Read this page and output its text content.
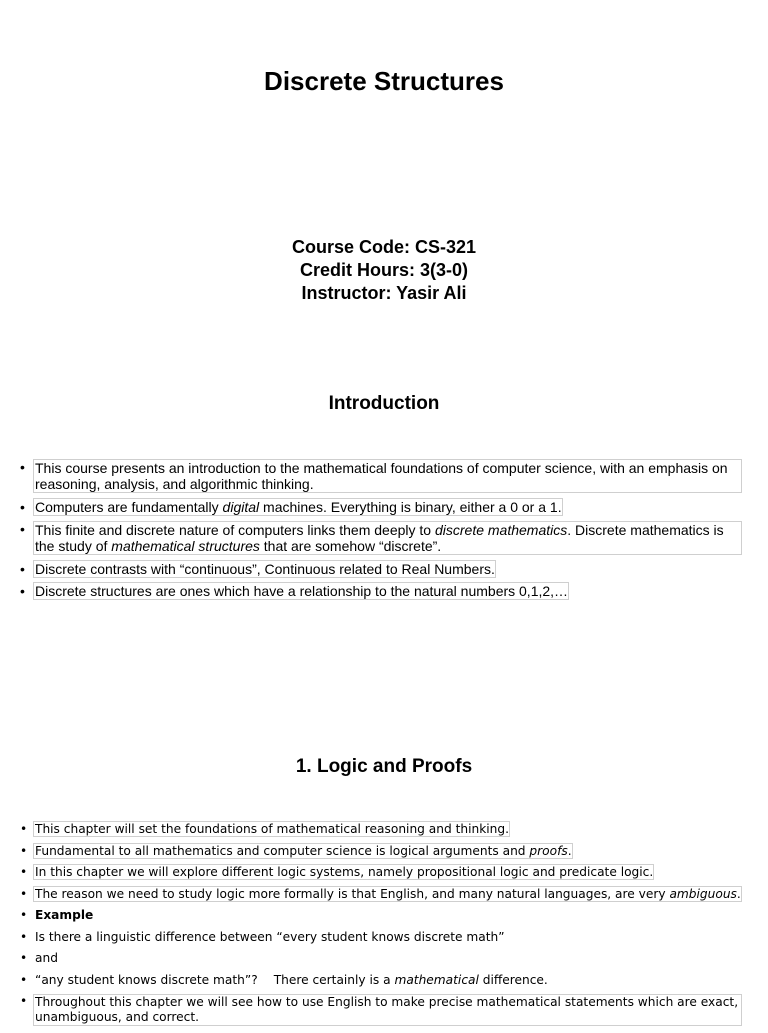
Discrete Structures
Course Code: CS-321
Credit Hours: 3(3-0)
Instructor: Yasir Ali
Introduction
• This course presents an introduction to the mathematical foundations of computer science, with an emphasis on reasoning, analysis, and algorithmic thinking.
• Computers are fundamentally digital machines. Everything is binary, either a 0 or a 1.
• This finite and discrete nature of computers links them deeply to discrete mathematics. Discrete mathematics is the study of mathematical structures that are somehow “discrete”.
• Discrete contrasts with “continuous”, Continuous related to Real Numbers.
• Discrete structures are ones which have a relationship to the natural numbers 0,1,2,…
1. Logic and Proofs
• This chapter will set the foundations of mathematical reasoning and thinking.
• Fundamental to all mathematics and computer science is logical arguments and proofs.
• In this chapter we will explore different logic systems, namely propositional logic and predicate logic.
• The reason we need to study logic more formally is that English, and many natural languages, are very ambiguous.
• Example
• Is there a linguistic difference between “every student knows discrete math”
• and
• “any student knows discrete math”? There certainly is a mathematical difference.
• Throughout this chapter we will see how to use English to make precise mathematical statements which are exact, unambiguous, and correct.
